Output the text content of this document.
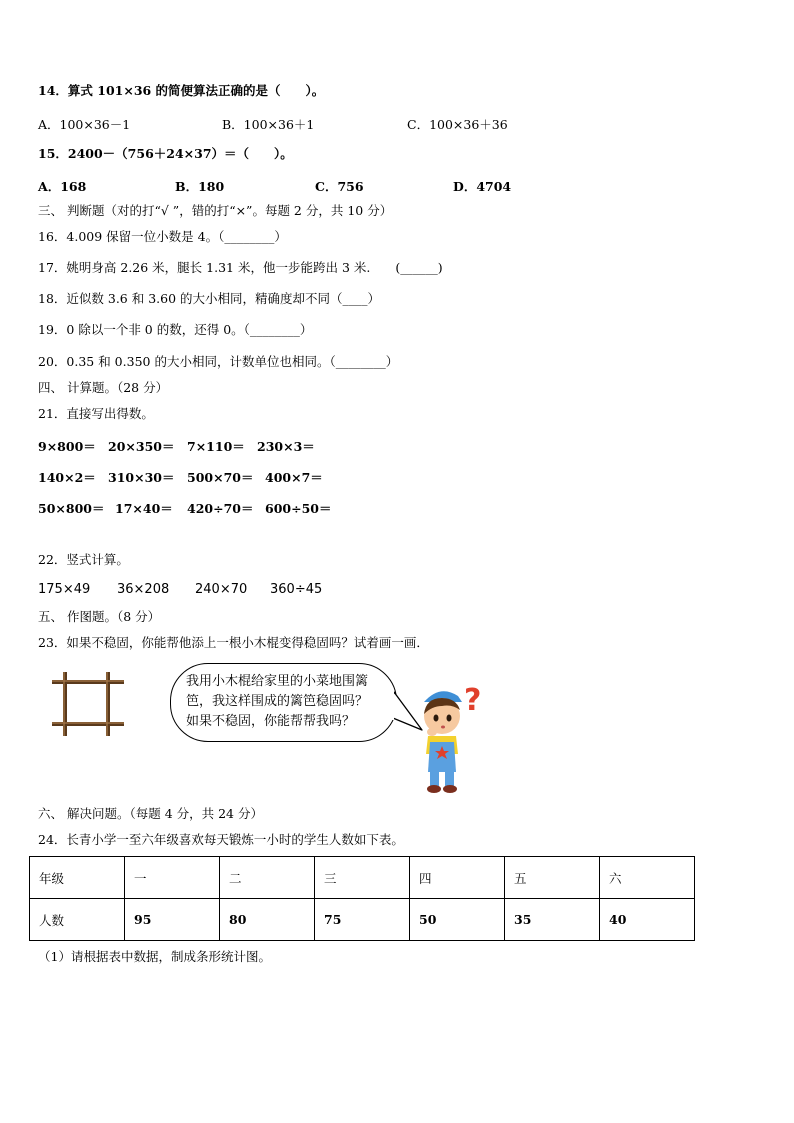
14．算式 101×36 的简便算法正确的是（　　）。
A．100×36－1	B．100×36＋1	C．100×36＋36
15．2400－（756＋24×37）＝（　　）。
A．168	B．180	C．756	D．4704
三、 判断题（对的打“√ ”，错的打“×”。每题 2 分，共 10 分）
16．4.009 保留一位小数是 4。（________）
17．姚明身高 2.26 米，腿长 1.31 米，他一步能跨出 3 米.　　(______)
18．近似数 3.6 和 3.60 的大小相同，精确度却不同（____）
19．0 除以一个非 0 的数，还得 0。（________）
20．0.35 和 0.350 的大小相同，计数单位也相同。（________）
四、 计算题。（28 分）
21．直接写出得数。
9×800＝ 20×350＝ 7×110＝ 230×3＝
140×2＝ 310×30＝ 500×70＝ 400×7＝
50×800＝ 17×40＝ 420÷70＝ 600÷50＝
22．竖式计算。
175×49 36×208 240×70 360÷45
五、 作图题。（8 分）
23．如果不稳固，你能帮他添上一根小木棍变得稳固吗？试着画一画．
我用小木棍给家里的小菜地围篱
笆，我这样围成的篱笆稳固吗？
如果不稳固，你能帮帮我吗？
?
六、 解决问题。（每题 4 分，共 24 分）
24．长青小学一至六年级喜欢每天锻炼一小时的学生人数如下表。
年级	一	二	三	四	五	六
人数	95	80	75	50	35	40
（1）请根据表中数据，制成条形统计图。
